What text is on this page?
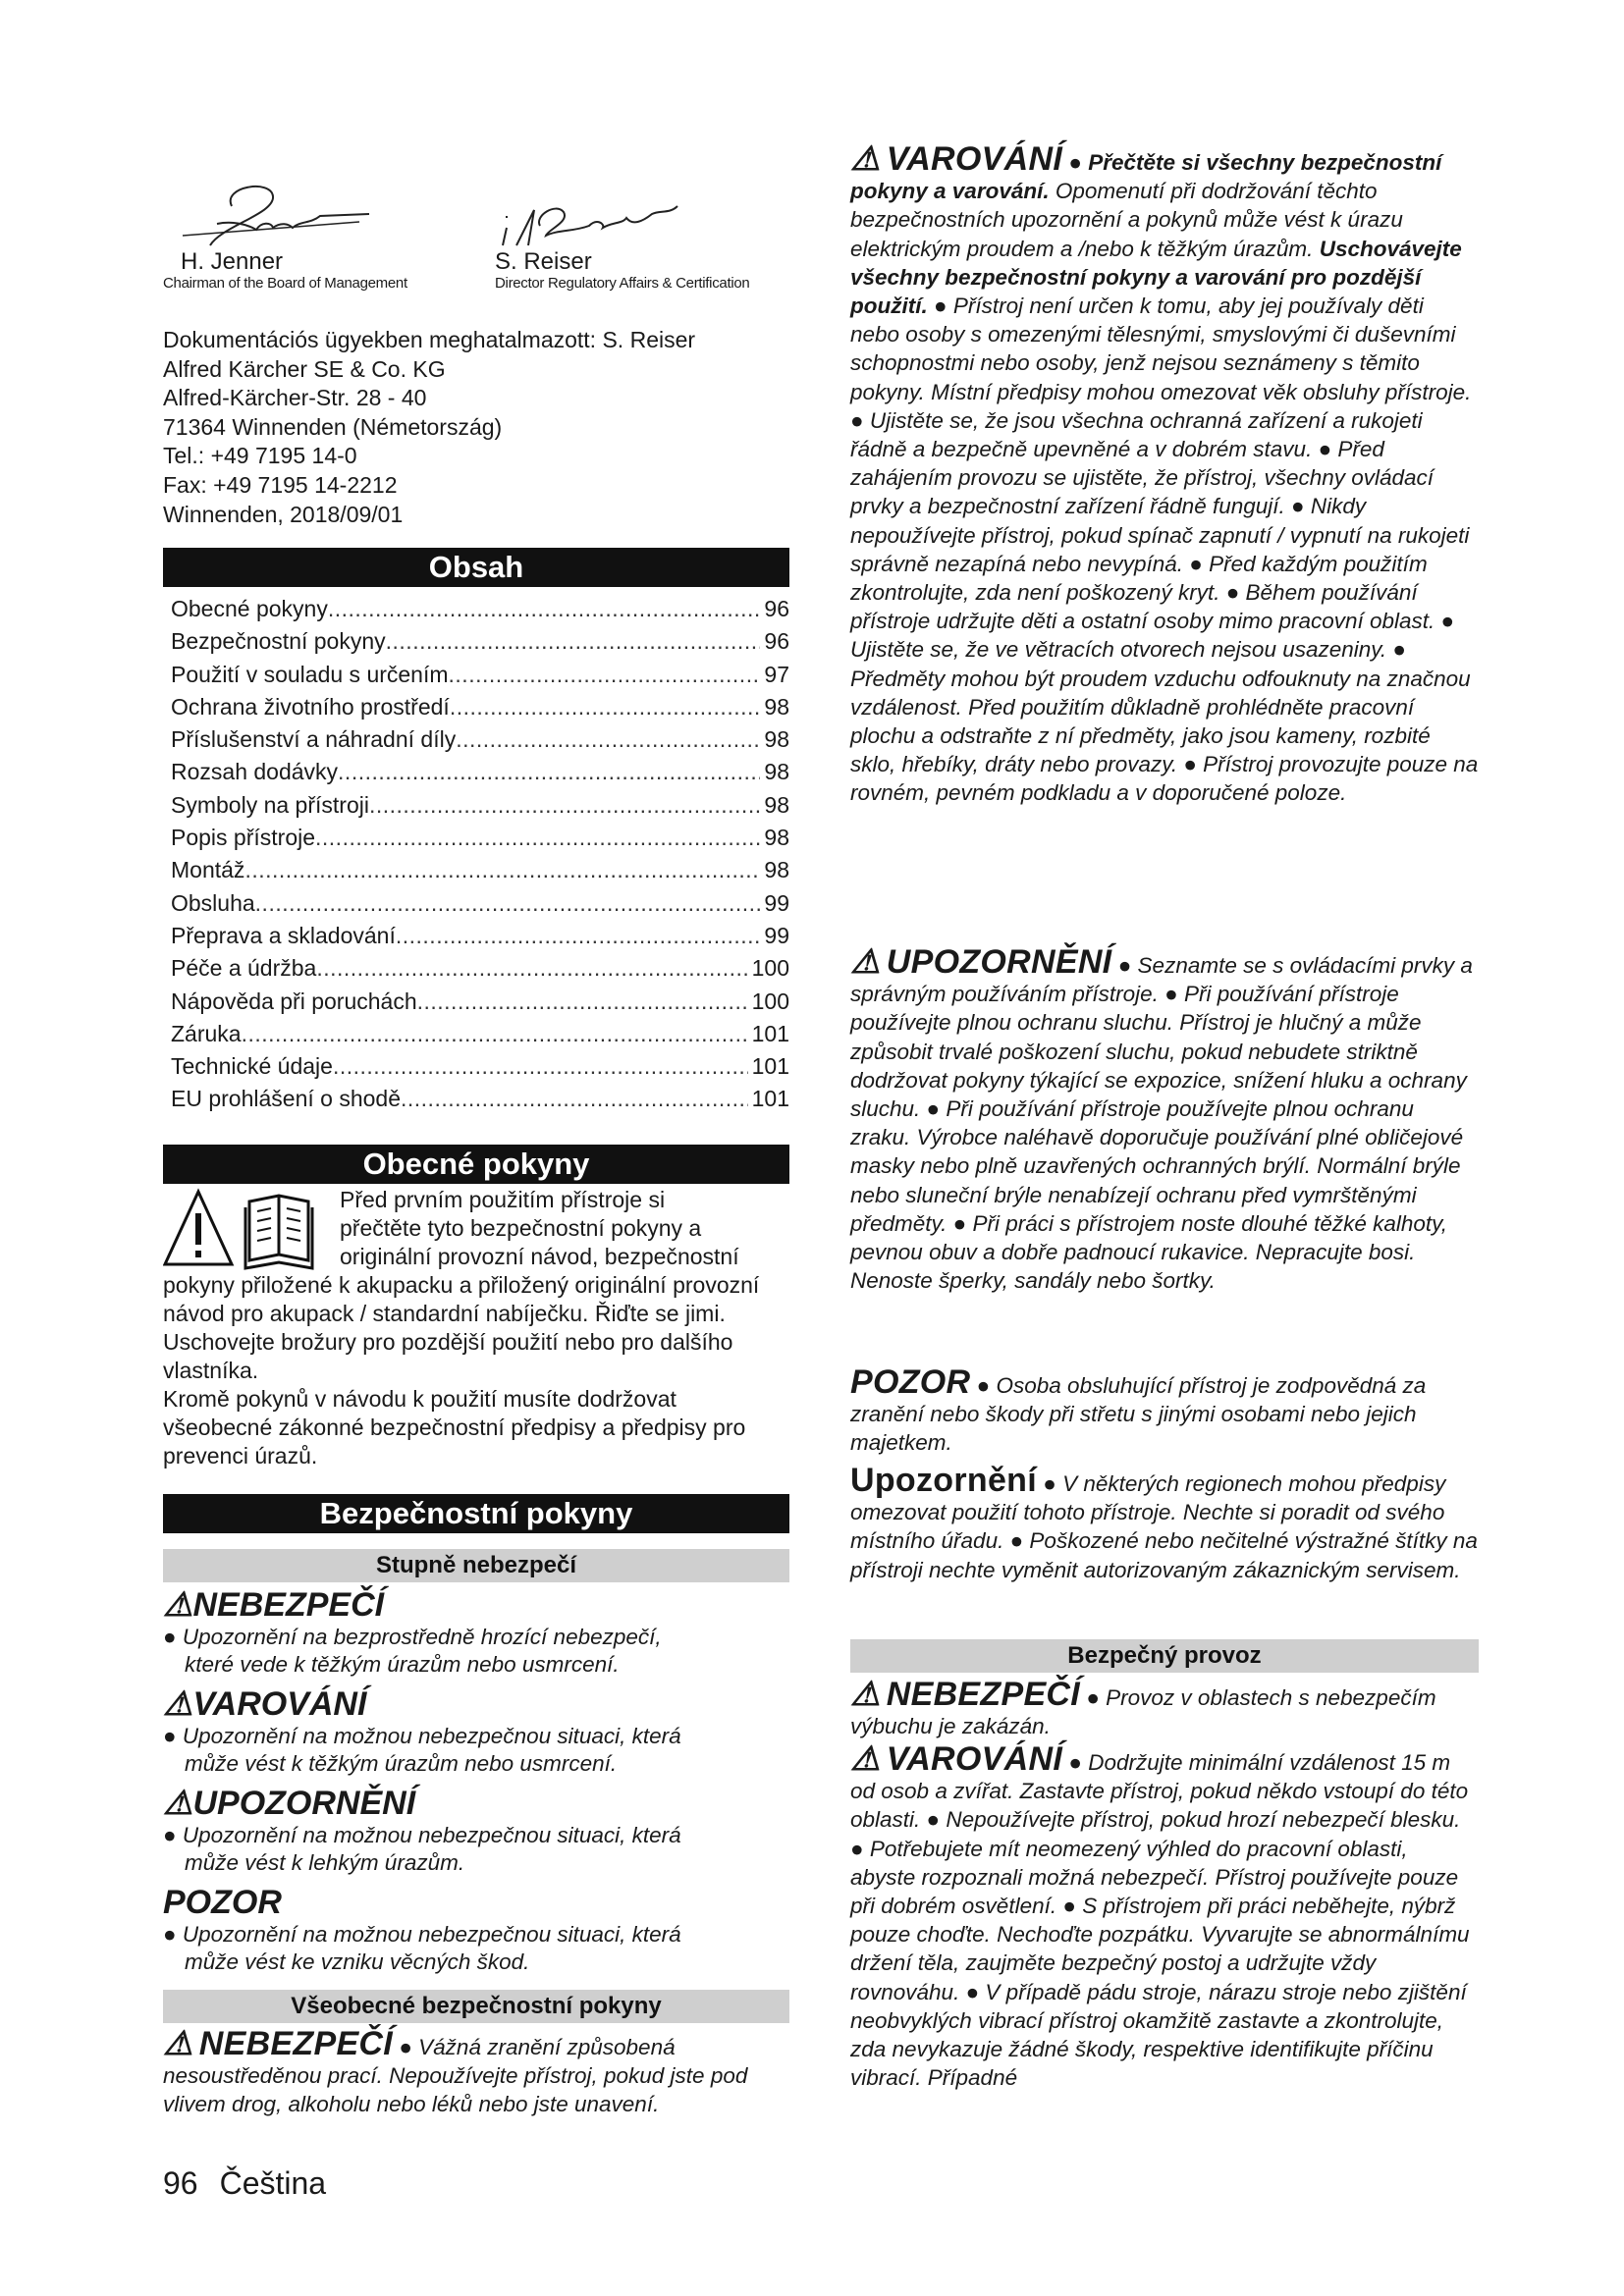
H. Jenner
Chairman of the Board of Management
S. Reiser
Director Regulatory Affairs & Certification
Dokumentációs ügyekben meghatalmazott: S. Reiser
Alfred Kärcher SE & Co. KG
Alfred-Kärcher-Str. 28 - 40
71364 Winnenden (Németország)
Tel.: +49 7195 14-0
Fax: +49 7195 14-2212
Winnenden, 2018/09/01
Obsah
Obecné pokyny .....	96
Bezpečnostní pokyny .....	96
Použití v souladu s určením .....	97
Ochrana životního prostředí .....	98
Příslušenství a náhradní díly .....	98
Rozsah dodávky .....	98
Symboly na přístroji .....	98
Popis přístroje .....	98
Montáž .....	98
Obsluha .....	99
Přeprava a skladování .....	99
Péče a údržba .....	100
Nápověda při poruchách .....	100
Záruka .....	101
Technické údaje .....	101
EU prohlášení o shodě .....	101
Obecné pokyny

Před prvním použitím přístroje si

přečtěte tyto bezpečnostní pokyny a

originální provozní návod, bezpečnostní

pokyny přiložené k akupacku a přiložený originální provozní návod pro akupack / standardní nabíječku. Řiďte se jimi. Uschovejte brožury pro pozdější použití nebo pro dalšího vlastníka.

Kromě pokynů v návodu k použití musíte dodržovat všeobecné zákonné bezpečnostní předpisy a předpisy pro prevenci úrazů.

Bezpečnostní pokyny
Stupně nebezpečí
⚠NEBEZPEČÍ
● Upozornění na bezprostředně hrozící nebezpečí,
které vede k těžkým úrazům nebo usmrcení.
⚠VAROVÁNÍ
● Upozornění na možnou nebezpečnou situaci, která
může vést k těžkým úrazům nebo usmrcení.
⚠UPOZORNĚNÍ
● Upozornění na možnou nebezpečnou situaci, která
může vést k lehkým úrazům.
POZOR
● Upozornění na možnou nebezpečnou situaci, která
může vést ke vzniku věcných škod.
Všeobecné bezpečnostní pokyny
⚠ NEBEZPEČÍ ● Vážná zranění způsobená nesoustředěnou prací. Nepoužívejte přístroj, pokud jste pod vlivem drog, alkoholu nebo léků nebo jste unavení.
96 Čeština
⚠ VAROVÁNÍ ● Přečtěte si všechny bezpečnostní pokyny a varování. Opomenutí při dodržování těchto bezpečnostních upozornění a pokynů může vést k úrazu elektrickým proudem a /nebo k těžkým úrazům. Uschovávejte všechny bezpečnostní pokyny a varování pro pozdější použití. ● Přístroj není určen k tomu, aby jej používaly děti nebo osoby s omezenými tělesnými, smyslovými či duševními schopnostmi nebo osoby, jenž nejsou seznámeny s těmito pokyny. Místní předpisy mohou omezovat věk obsluhy přístroje. ● Ujistěte se, že jsou všechna ochranná zařízení a rukojeti řádně a bezpečně upevněné a v dobrém stavu. ● Před zahájením provozu se ujistěte, že přístroj, všechny ovládací prvky a bezpečnostní zařízení řádně fungují. ● Nikdy nepoužívejte přístroj, pokud spínač zapnutí / vypnutí na rukojeti správně nezapíná nebo nevypíná. ● Před každým použitím zkontrolujte, zda není poškozený kryt. ● Během používání přístroje udržujte děti a ostatní osoby mimo pracovní oblast. ● Ujistěte se, že ve větracích otvorech nejsou usazeniny. ● Předměty mohou být proudem vzduchu odfouknuty na značnou vzdálenost. Před použitím důkladně prohlédněte pracovní plochu a odstraňte z ní předměty, jako jsou kameny, rozbité sklo, hřebíky, dráty nebo provazy. ● Přístroj provozujte pouze na rovném, pevném podkladu a v doporučené poloze.
⚠ UPOZORNĚNÍ ● Seznamte se s ovládacími prvky a správným používáním přístroje. ● Při používání přístroje používejte plnou ochranu sluchu. Přístroj je hlučný a může způsobit trvalé poškození sluchu, pokud nebudete striktně dodržovat pokyny týkající se expozice, snížení hluku a ochrany sluchu. ● Při používání přístroje používejte plnou ochranu zraku. Výrobce naléhavě doporučuje používání plné obličejové masky nebo plně uzavřených ochranných brýlí. Normální brýle nebo sluneční brýle nenabízejí ochranu před vymrštěnými předměty. ● Při práci s přístrojem noste dlouhé těžké kalhoty, pevnou obuv a dobře padnoucí rukavice. Nepracujte bosi. Nenoste šperky, sandály nebo šortky.
POZOR ● Osoba obsluhující přístroj je zodpovědná za zranění nebo škody při střetu s jinými osobami nebo jejich majetkem.
Upozornění ● V některých regionech mohou předpisy omezovat použití tohoto přístroje. Nechte si poradit od svého místního úřadu. ● Poškozené nebo nečitelné výstražné štítky na přístroji nechte vyměnit autorizovaným zákaznickým servisem.
Bezpečný provoz
⚠ NEBEZPEČÍ ● Provoz v oblastech s nebezpečím výbuchu je zakázán.
⚠ VAROVÁNÍ ● Dodržujte minimální vzdálenost 15 m od osob a zvířat. Zastavte přístroj, pokud někdo vstoupí do této oblasti. ● Nepoužívejte přístroj, pokud hrozí nebezpečí blesku. ● Potřebujete mít neomezený výhled do pracovní oblasti, abyste rozpoznali možná nebezpečí. Přístroj používejte pouze při dobrém osvětlení. ● S přístrojem při práci neběhejte, nýbrž pouze choďte. Nechoďte pozpátku. Vyvarujte se abnormálnímu držení těla, zaujměte bezpečný postoj a udržujte vždy rovnováhu. ● V případě pádu stroje, nárazu stroje nebo zjištění neobvyklých vibrací přístroj okamžitě zastavte a zkontrolujte, zda nevykazuje žádné škody, respektive identifikujte příčinu vibrací. Případné
